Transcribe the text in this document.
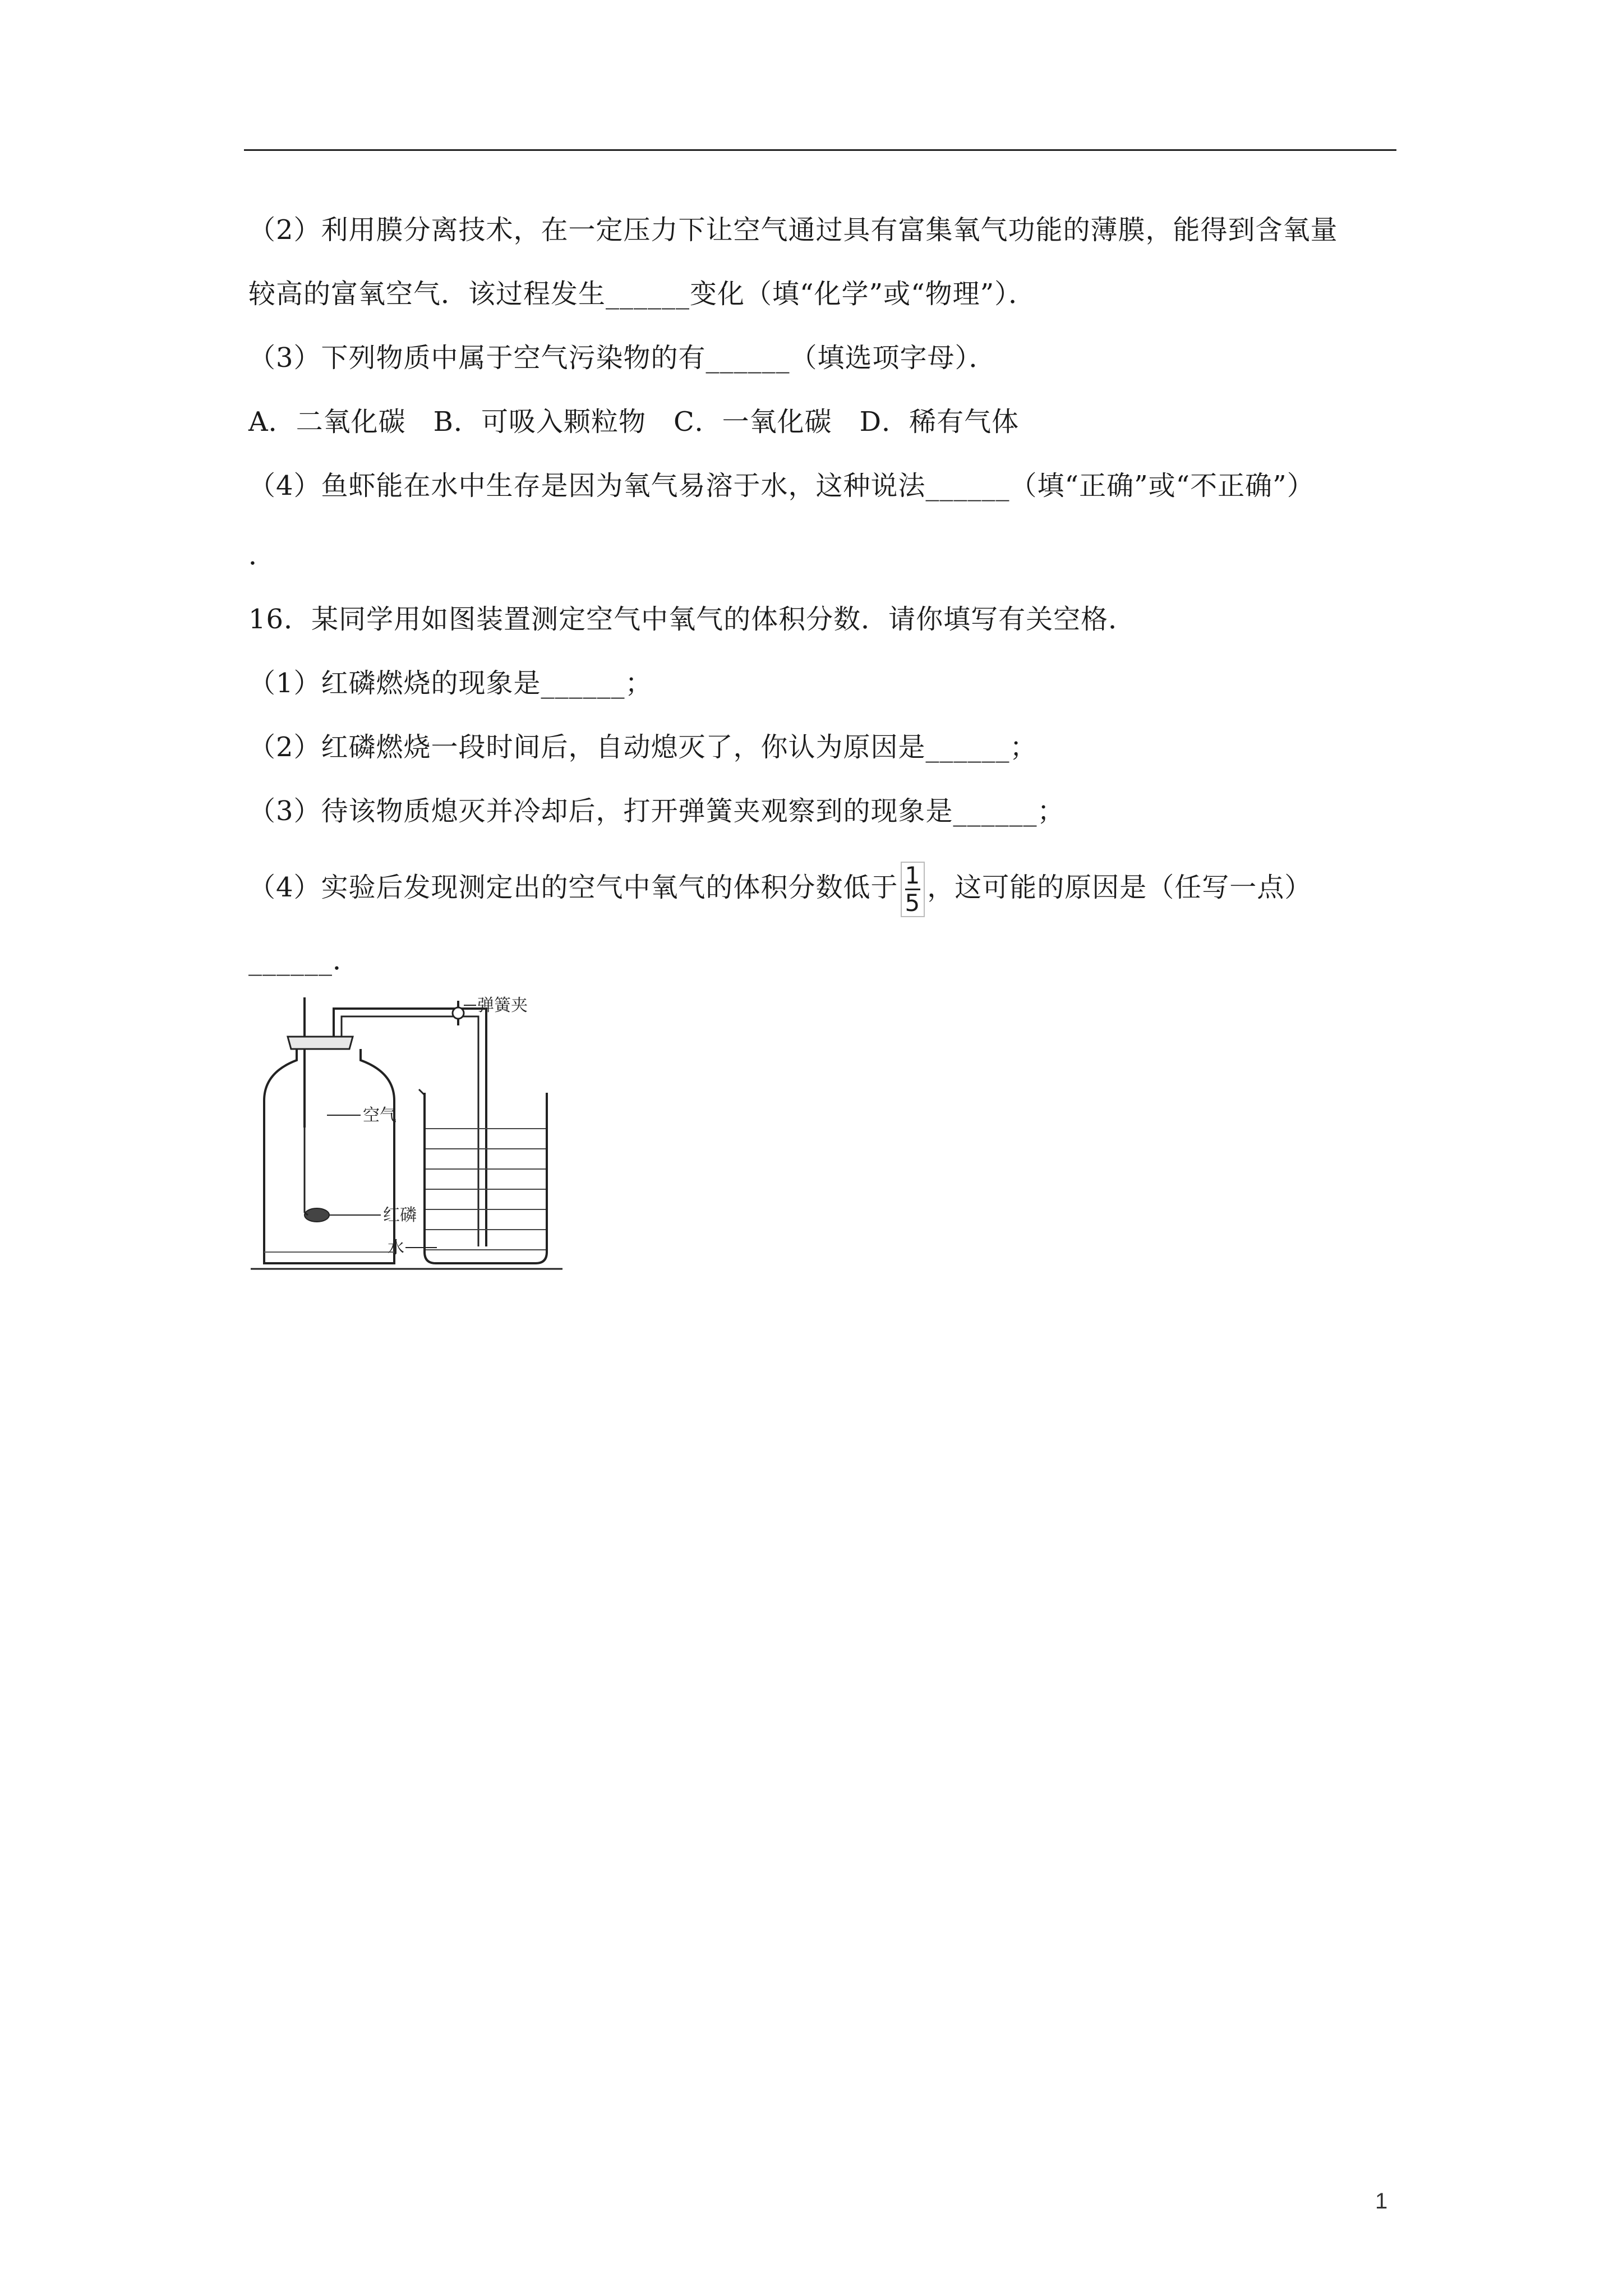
（2）利用膜分离技术，在一定压力下让空气通过具有富集氧气功能的薄膜，能得到含氧量
较高的富氧空气．该过程发生______变化（填“化学”或“物理”）．
（3）下列物质中属于空气污染物的有______（填选项字母）．
A．二氧化碳　B．可吸入颗粒物　C．一氧化碳　D．稀有气体
（4）鱼虾能在水中生存是因为氧气易溶于水，这种说法______（填“正确”或“不正确”）
．
16．某同学用如图装置测定空气中氧气的体积分数．请你填写有关空格．
（1）红磷燃烧的现象是______；
（2）红磷燃烧一段时间后，自动熄灭了，你认为原因是______；
（3）待该物质熄灭并冷却后，打开弹簧夹观察到的现象是______；
（4）实验后发现测定出的空气中氧气的体积分数低于 $\frac{1}{5}$ ，这可能的原因是（任写一点）
______．
弹簧夹
空气
红磷
水
1
